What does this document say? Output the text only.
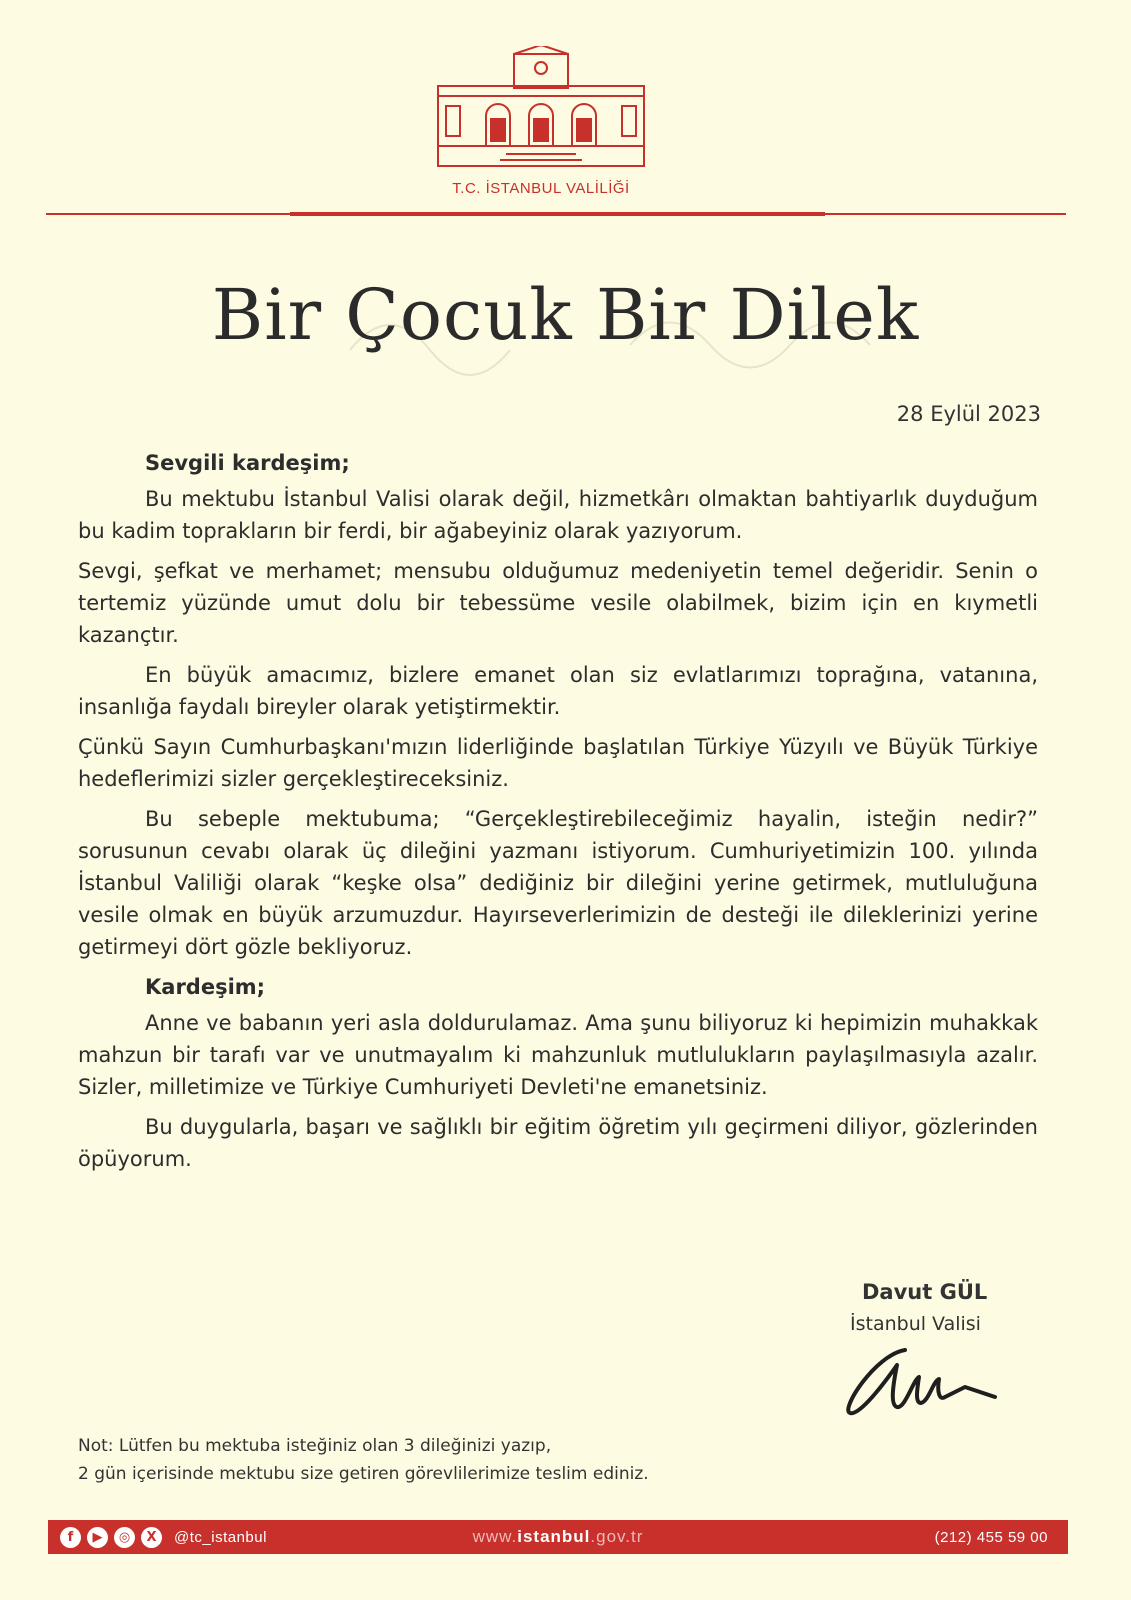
T.C. İSTANBUL VALİLİĞİ
Bir Çocuk Bir Dilek
28 Eylül 2023

Sevgili kardeşim;

Bu mektubu İstanbul Valisi olarak değil, hizmetkârı olmaktan bahtiyarlık duyduğum bu kadim toprakların bir ferdi, bir ağabeyiniz olarak yazıyorum.

Sevgi, şefkat ve merhamet; mensubu olduğumuz medeniyetin temel değeridir. Senin o tertemiz yüzünde umut dolu bir tebessüme vesile olabilmek, bizim için en kıymetli kazançtır.

En büyük amacımız, bizlere emanet olan siz evlatlarımızı toprağına, vatanına, insanlığa faydalı bireyler olarak yetiştirmektir.

Çünkü Sayın Cumhurbaşkanı'mızın liderliğinde başlatılan Türkiye Yüzyılı ve Büyük Türkiye hedeflerimizi sizler gerçekleştireceksiniz.

Bu sebeple mektubuma; “Gerçekleştirebileceğimiz hayalin, isteğin nedir?” sorusunun cevabı olarak üç dileğini yazmanı istiyorum. Cumhuriyetimizin 100. yılında İstanbul Valiliği olarak “keşke olsa” dediğiniz bir dileğini yerine getirmek, mutluluğuna vesile olmak en büyük arzumuzdur. Hayırseverlerimizin de desteği ile dileklerinizi yerine getirmeyi dört gözle bekliyoruz.

Kardeşim;

Anne ve babanın yeri asla doldurulamaz. Ama şunu biliyoruz ki hepimizin muhakkak mahzun bir tarafı var ve unutmayalım ki mahzunluk mutlulukların paylaşılmasıyla azalır. Sizler, milletimize ve Türkiye Cumhuriyeti Devleti'ne emanetsiniz.

Bu duygularla, başarı ve sağlıklı bir eğitim öğretim yılı geçirmeni diliyor, gözlerinden öpüyorum.

Davut GÜL
İstanbul Valisi
Not: Lütfen bu mektuba isteğiniz olan 3 dileğinizi yazıp,
2 gün içerisinde mektubu size getiren görevlilerimize teslim ediniz.
f	▶	◎	X	@tc_istanbul	www.istanbul.gov.tr	(212) 455 59 00
